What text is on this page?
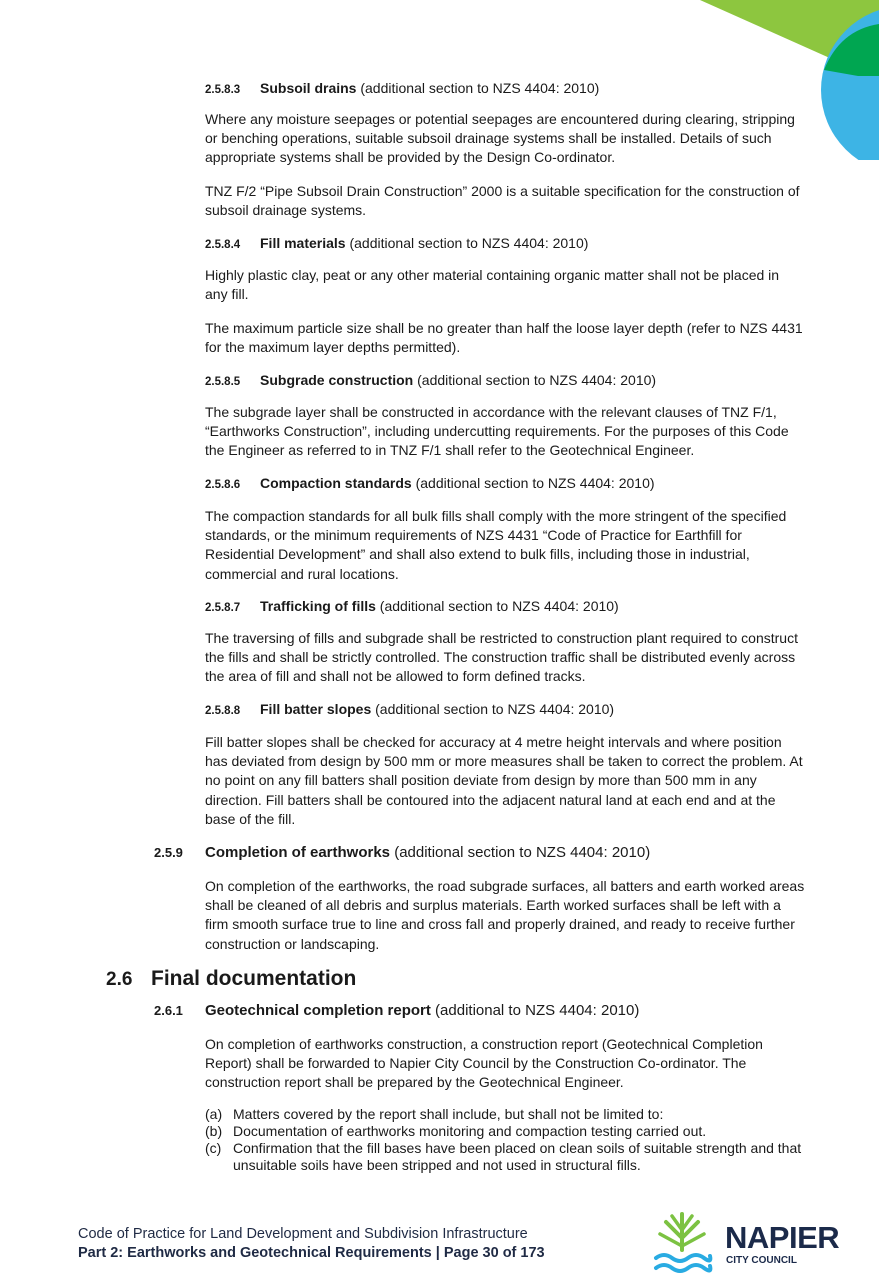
2.5.8.3 Subsoil drains (additional section to NZS 4404: 2010)
Where any moisture seepages or potential seepages are encountered during clearing, stripping or benching operations, suitable subsoil drainage systems shall be installed. Details of such appropriate systems shall be provided by the Design Co-ordinator.
TNZ F/2 “Pipe Subsoil Drain Construction” 2000 is a suitable specification for the construction of subsoil drainage systems.
2.5.8.4 Fill materials (additional section to NZS 4404: 2010)
Highly plastic clay, peat or any other material containing organic matter shall not be placed in any fill.
The maximum particle size shall be no greater than half the loose layer depth (refer to NZS 4431 for the maximum layer depths permitted).
2.5.8.5 Subgrade construction (additional section to NZS 4404: 2010)
The subgrade layer shall be constructed in accordance with the relevant clauses of TNZ F/1, “Earthworks Construction”, including undercutting requirements. For the purposes of this Code the Engineer as referred to in TNZ F/1 shall refer to the Geotechnical Engineer.
2.5.8.6 Compaction standards (additional section to NZS 4404: 2010)
The compaction standards for all bulk fills shall comply with the more stringent of the specified standards, or the minimum requirements of NZS 4431 “Code of Practice for Earthfill for Residential Development” and shall also extend to bulk fills, including those in industrial, commercial and rural locations.
2.5.8.7 Trafficking of fills (additional section to NZS 4404: 2010)
The traversing of fills and subgrade shall be restricted to construction plant required to construct the fills and shall be strictly controlled. The construction traffic shall be distributed evenly across the area of fill and shall not be allowed to form defined tracks.
2.5.8.8 Fill batter slopes (additional section to NZS 4404: 2010)
Fill batter slopes shall be checked for accuracy at 4 metre height intervals and where position has deviated from design by 500 mm or more measures shall be taken to correct the problem. At no point on any fill batters shall position deviate from design by more than 500 mm in any direction. Fill batters shall be contoured into the adjacent natural land at each end and at the base of the fill.
2.5.9 Completion of earthworks (additional section to NZS 4404: 2010)
On completion of the earthworks, the road subgrade surfaces, all batters and earth worked areas shall be cleaned of all debris and surplus materials. Earth worked surfaces shall be left with a firm smooth surface true to line and cross fall and properly drained, and ready to receive further construction or landscaping.
2.6 Final documentation
2.6.1 Geotechnical completion report (additional to NZS 4404: 2010)
On completion of earthworks construction, a construction report (Geotechnical Completion Report) shall be forwarded to Napier City Council by the Construction Co-ordinator. The construction report shall be prepared by the Geotechnical Engineer.
(a) Matters covered by the report shall include, but shall not be limited to:
(b) Documentation of earthworks monitoring and compaction testing carried out.
(c) Confirmation that the fill bases have been placed on clean soils of suitable strength and that unsuitable soils have been stripped and not used in structural fills.
Code of Practice for Land Development and Subdivision Infrastructure
Part 2: Earthworks and Geotechnical Requirements | Page 30 of 173	NAPIER
CITY COUNCIL
